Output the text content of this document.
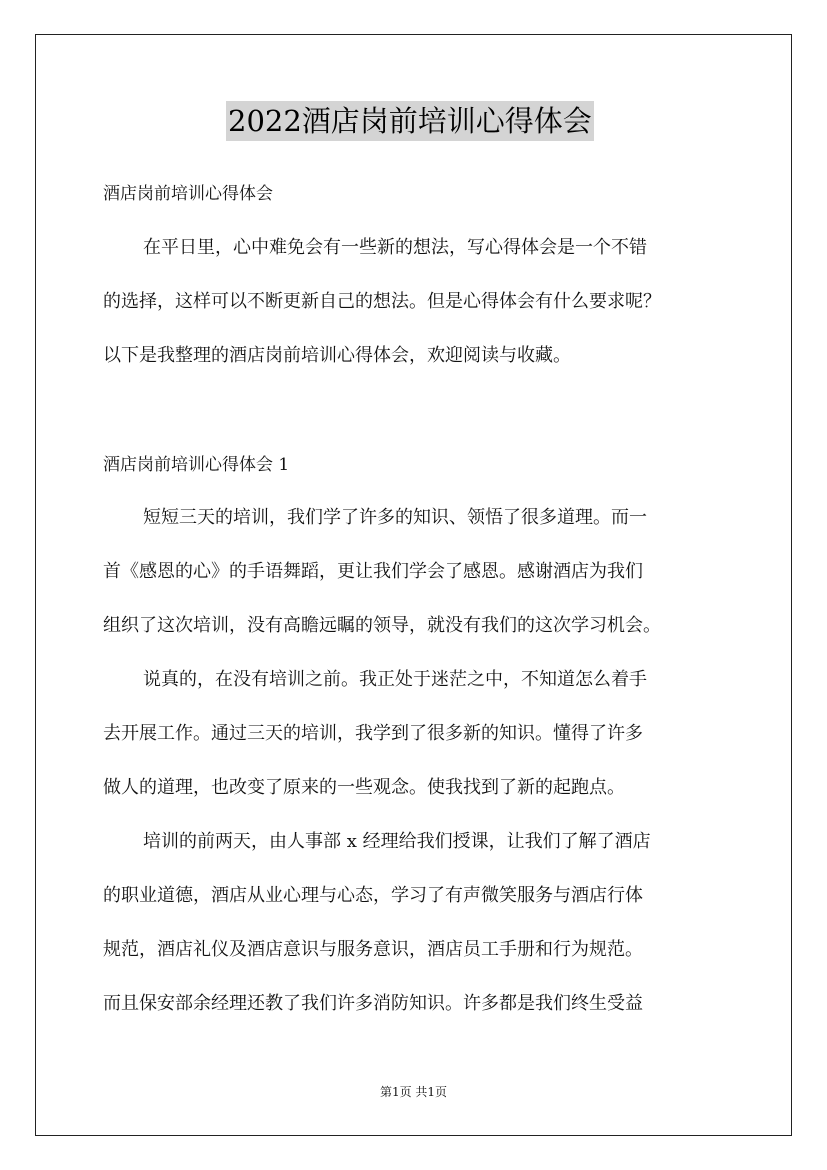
2022酒店岗前培训心得体会
酒店岗前培训心得体会
在平日里，心中难免会有一些新的想法，写心得体会是一个不错
的选择，这样可以不断更新自己的想法。但是心得体会有什么要求呢？
以下是我整理的酒店岗前培训心得体会，欢迎阅读与收藏。
酒店岗前培训心得体会 1
短短三天的培训，我们学了许多的知识、领悟了很多道理。而一
首《感恩的心》的手语舞蹈，更让我们学会了感恩。感谢酒店为我们
组织了这次培训，没有高瞻远瞩的领导，就没有我们的这次学习机会。
说真的，在没有培训之前。我正处于迷茫之中，不知道怎么着手
去开展工作。通过三天的培训，我学到了很多新的知识。懂得了许多
做人的道理，也改变了原来的一些观念。使我找到了新的起跑点。
培训的前两天，由人事部 x 经理给我们授课，让我们了解了酒店
的职业道德，酒店从业心理与心态，学习了有声微笑服务与酒店行体
规范，酒店礼仪及酒店意识与服务意识，酒店员工手册和行为规范。
而且保安部余经理还教了我们许多消防知识。许多都是我们终生受益
第1页 共1页
